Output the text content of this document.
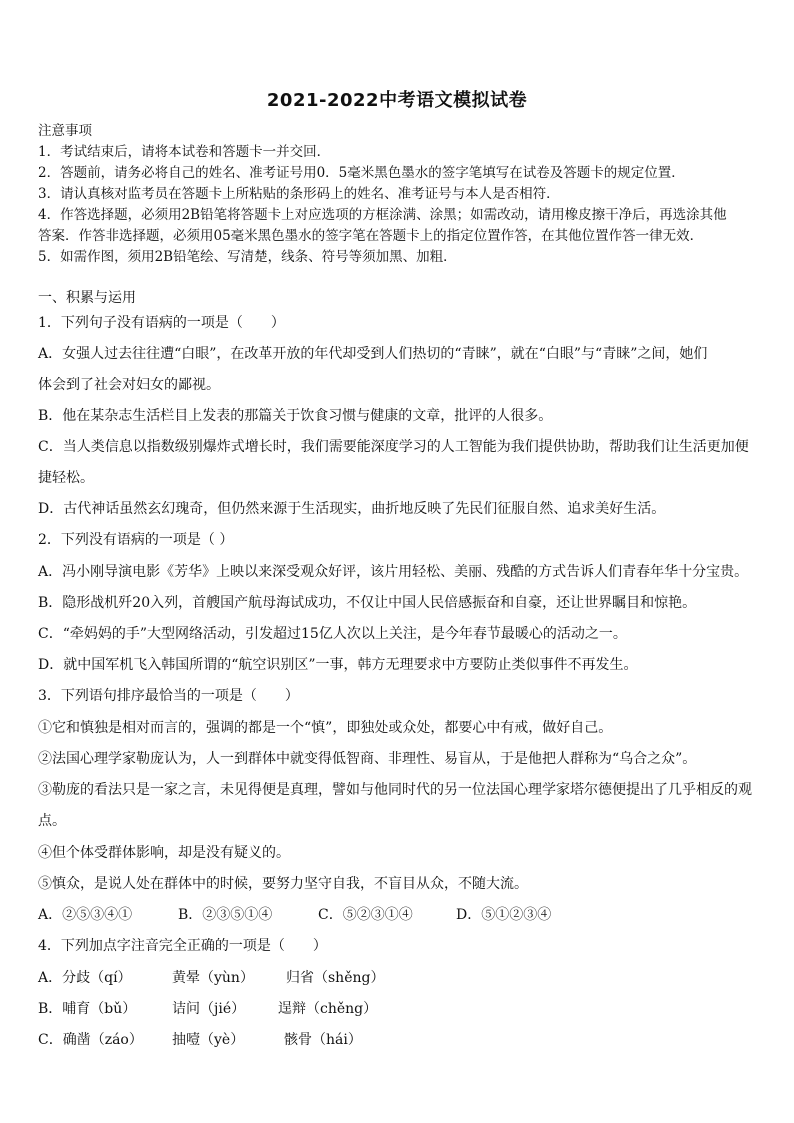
2021-2022中考语文模拟试卷
注意事项
1．考试结束后，请将本试卷和答题卡一并交回．
2．答题前，请务必将自己的姓名、准考证号用0．5毫米黑色墨水的签字笔填写在试卷及答题卡的规定位置．
3．请认真核对监考员在答题卡上所粘贴的条形码上的姓名、准考证号与本人是否相符．
4．作答选择题，必须用2B铅笔将答题卡上对应选项的方框涂满、涂黑；如需改动，请用橡皮擦干净后，再选涂其他
答案．作答非选择题，必须用05毫米黑色墨水的签字笔在答题卡上的指定位置作答，在其他位置作答一律无效．
5．如需作图，须用2B铅笔绘、写清楚，线条、符号等须加黑、加粗．
一、积累与运用
1．下列句子没有语病的一项是（　　）
A．女强人过去往往遭“白眼”，在改革开放的年代却受到人们热切的“青睐”，就在“白眼”与“青睐”之间，她们
体会到了社会对妇女的鄙视。
B．他在某杂志生活栏目上发表的那篇关于饮食习惯与健康的文章，批评的人很多。
C．当人类信息以指数级别爆炸式增长时，我们需要能深度学习的人工智能为我们提供协助，帮助我们让生活更加便
捷轻松。
D．古代神话虽然玄幻瑰奇，但仍然来源于生活现实，曲折地反映了先民们征服自然、追求美好生活。
2．下列没有语病的一项是（ ）
A．冯小刚导演电影《芳华》上映以来深受观众好评，该片用轻松、美丽、残酷的方式告诉人们青春年华十分宝贵。
B．隐形战机歼20入列，首艘国产航母海试成功，不仅让中国人民倍感振奋和自豪，还让世界瞩目和惊艳。
C．“牵妈妈的手”大型网络活动，引发超过15亿人次以上关注，是今年春节最暖心的活动之一。
D．就中国军机飞入韩国所谓的“航空识别区”一事，韩方无理要求中方要防止类似事件不再发生。
3．下列语句排序最恰当的一项是（　　）
①它和慎独是相对而言的，强调的都是一个“慎”，即独处或众处，都要心中有戒，做好自己。
②法国心理学家勒庞认为，人一到群体中就变得低智商、非理性、易盲从，于是他把人群称为“乌合之众”。
③勒庞的看法只是一家之言，未见得便是真理，譬如与他同时代的另一位法国心理学家塔尔德便提出了几乎相反的观
点。
④但个体受群体影响，却是没有疑义的。
⑤慎众，是说人处在群体中的时候，要努力坚守自我，不盲目从众，不随大流。
A．②⑤③④①	B．②③⑤①④	C．⑤②③①④	D．⑤①②③④
4．下列加点字注音完全正确的一项是（　　）
A．分歧（qí）	黄晕（yùn） 归省（shěng）
B．哺育（bǔ）	诘问（jié） 逞辩（chěng）
C．确凿（záo） 抽噎（yè）	骸骨（hái）
